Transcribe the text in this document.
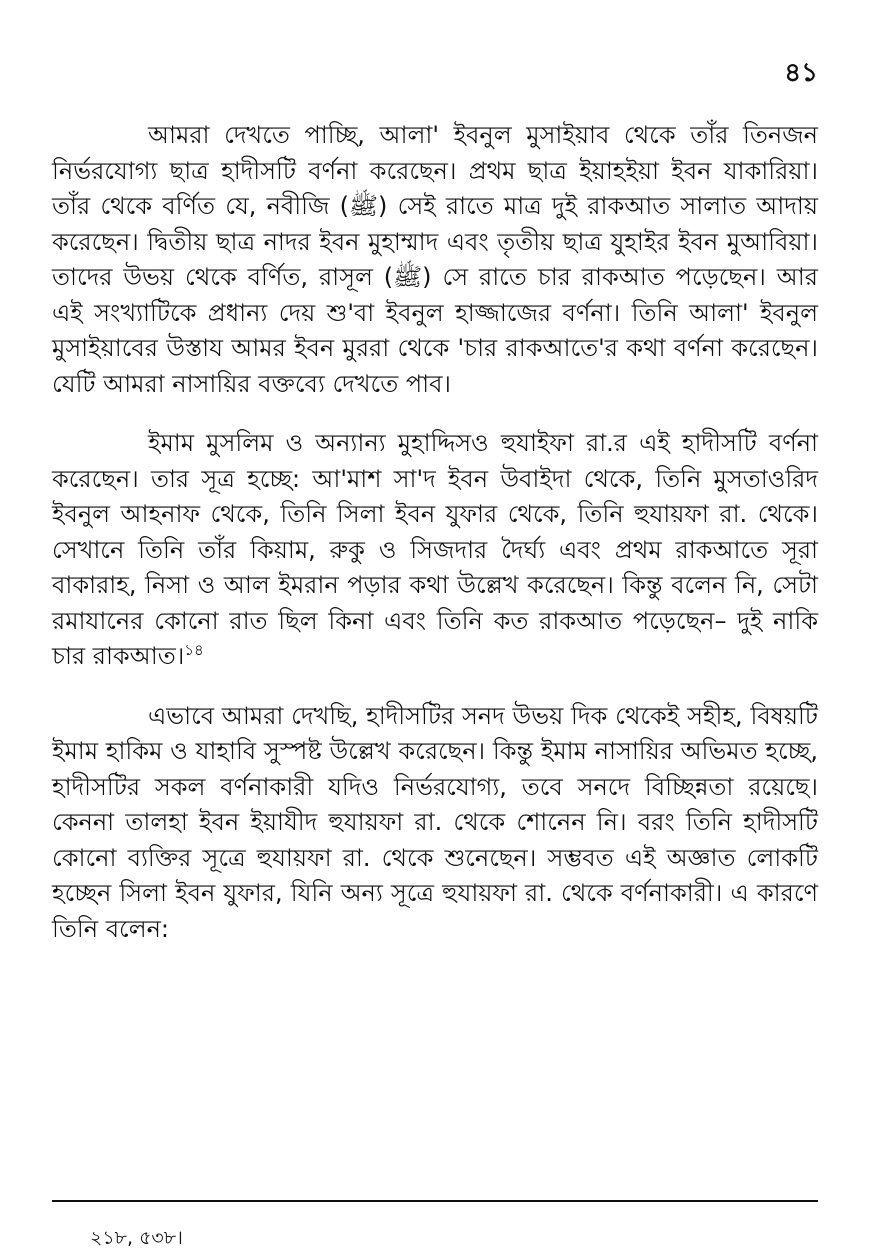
৪১

আমরা দেখতে পাচ্ছি, আলা' ইবনুল মুসাইয়াব থেকে তাঁর তিনজন নির্ভরযোগ্য ছাত্র হাদীসটি বর্ণনা করেছেন। প্রথম ছাত্র ইয়াহইয়া ইবন যাকারিয়া। তাঁর থেকে বর্ণিত যে, নবীজি (ﷺ) সেই রাতে মাত্র দুই রাকআত সালাত আদায় করেছেন। দ্বিতীয় ছাত্র নাদর ইবন মুহাম্মাদ এবং তৃতীয় ছাত্র যুহাইর ইবন মুআবিয়া। তাদের উভয় থেকে বর্ণিত, রাসূল (ﷺ) সে রাতে চার রাকআত পড়েছেন। আর এই সংখ্যাটিকে প্রধান্য দেয় শু'বা ইবনুল হাজ্জাজের বর্ণনা। তিনি আলা' ইবনুল মুসাইয়াবের উস্তায আমর ইবন মুররা থেকে 'চার রাকআতে'র কথা বর্ণনা করেছেন। যেটি আমরা নাসায়ির বক্তব্যে দেখতে পাব।

ইমাম মুসলিম ও অন্যান্য মুহাদ্দিসও হুযাইফা রা.র এই হাদীসটি বর্ণনা করেছেন। তার সূত্র হচ্ছে: আ'মাশ সা'দ ইবন উবাইদা থেকে, তিনি মুসতাওরিদ ইবনুল আহনাফ থেকে, তিনি সিলা ইবন যুফার থেকে, তিনি হুযায়ফা রা. থেকে। সেখানে তিনি তাঁর কিয়াম, রুকু ও সিজদার দৈর্ঘ্য এবং প্রথম রাকআতে সূরা বাকারাহ, নিসা ও আল ইমরান পড়ার কথা উল্লেখ করেছেন। কিন্তু বলেন নি, সেটা রমাযানের কোনো রাত ছিল কিনা এবং তিনি কত রাকআত পড়েছেন– দুই নাকি চার রাকআত।$^{১৪}$

এভাবে আমরা দেখছি, হাদীসটির সনদ উভয় দিক থেকেই সহীহ, বিষয়টি ইমাম হাকিম ও যাহাবি সুস্পষ্ট উল্লেখ করেছেন। কিন্তু ইমাম নাসায়ির অভিমত হচ্ছে, হাদীসটির সকল বর্ণনাকারী যদিও নির্ভরযোগ্য, তবে সনদে বিচ্ছিন্নতা রয়েছে। কেননা তালহা ইবন ইয়াযীদ হুযায়ফা রা. থেকে শোনেন নি। বরং তিনি হাদীসটি কোনো ব্যক্তির সূত্রে হুযায়ফা রা. থেকে শুনেছেন। সম্ভবত এই অজ্ঞাত লোকটি হচ্ছেন সিলা ইবন যুফার, যিনি অন্য সূত্রে হুযায়ফা রা. থেকে বর্ণনাকারী। এ কারণে তিনি বলেন:

২১৮, ৫৩৮।
